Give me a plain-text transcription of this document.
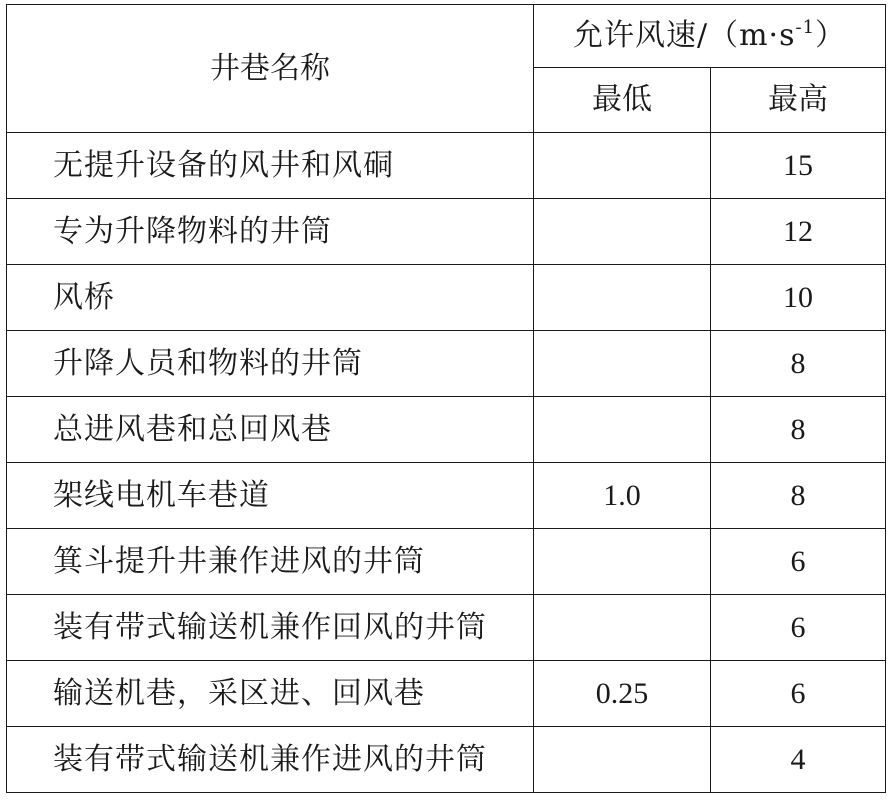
井巷名称	允许风速$/(m\cdot s^{-1})$	
	最低	最高
无提升设备的风井和风硐		15
专为升降物料的井筒		12
风桥		10
升降人员和物料的井筒		8
总进风巷和总回风巷		8
架线电机车巷道	1.0	8
箕斗提升井兼作进风的井筒		6
装有带式输送机兼作回风的井筒		6
输送机巷，采区进、回风巷	0.25	6
装有带式输送机兼作进风的井筒		4
